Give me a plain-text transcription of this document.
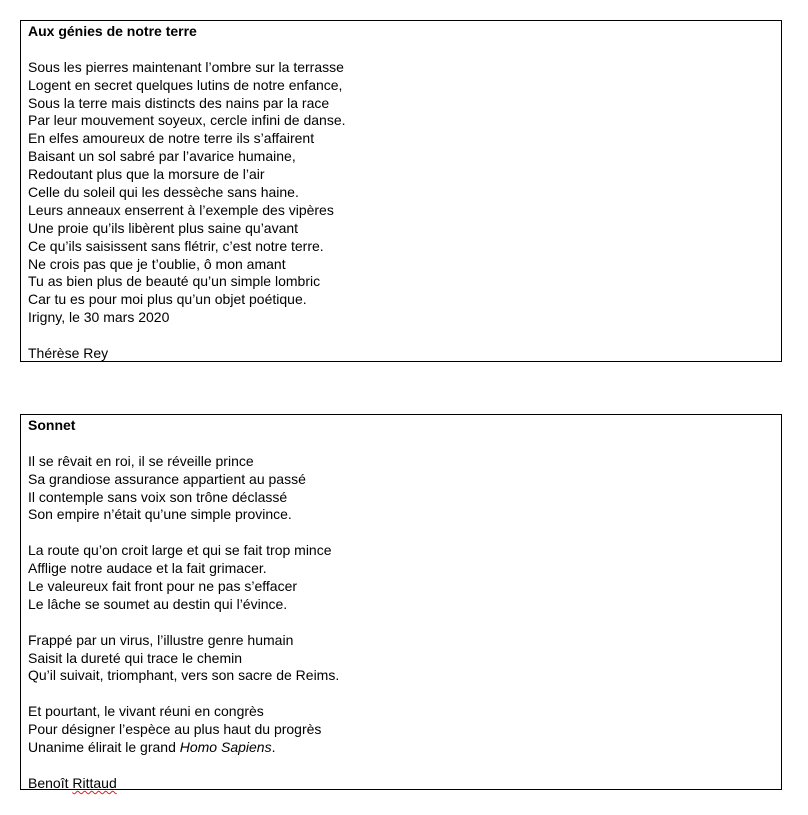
Aux génies de notre terre
Sous les pierres maintenant l’ombre sur la terrasse
Logent en secret quelques lutins de notre enfance,
Sous la terre mais distincts des nains par la race
Par leur mouvement soyeux, cercle infini de danse.
En elfes amoureux de notre terre ils s’affairent
Baisant un sol sabré par l’avarice humaine,
Redoutant plus que la morsure de l’air
Celle du soleil qui les dessèche sans haine.
Leurs anneaux enserrent à l’exemple des vipères
Une proie qu’ils libèrent plus saine qu’avant
Ce qu’ils saisissent sans flétrir, c’est notre terre.
Ne crois pas que je t’oublie, ô mon amant
Tu as bien plus de beauté qu’un simple lombric
Car tu es pour moi plus qu’un objet poétique.
Irigny, le 30 mars 2020
Thérèse Rey
Sonnet
Il se rêvait en roi, il se réveille prince
Sa grandiose assurance appartient au passé
Il contemple sans voix son trône déclassé
Son empire n’était qu’une simple province.
La route qu’on croit large et qui se fait trop mince
Afflige notre audace et la fait grimacer.
Le valeureux fait front pour ne pas s’effacer
Le lâche se soumet au destin qui l’évince.
Frappé par un virus, l’illustre genre humain
Saisit la dureté qui trace le chemin
Qu’il suivait, triomphant, vers son sacre de Reims.
Et pourtant, le vivant réuni en congrès
Pour désigner l’espèce au plus haut du progrès
Unanime élirait le grand Homo Sapiens.
Benoît Rittaud
